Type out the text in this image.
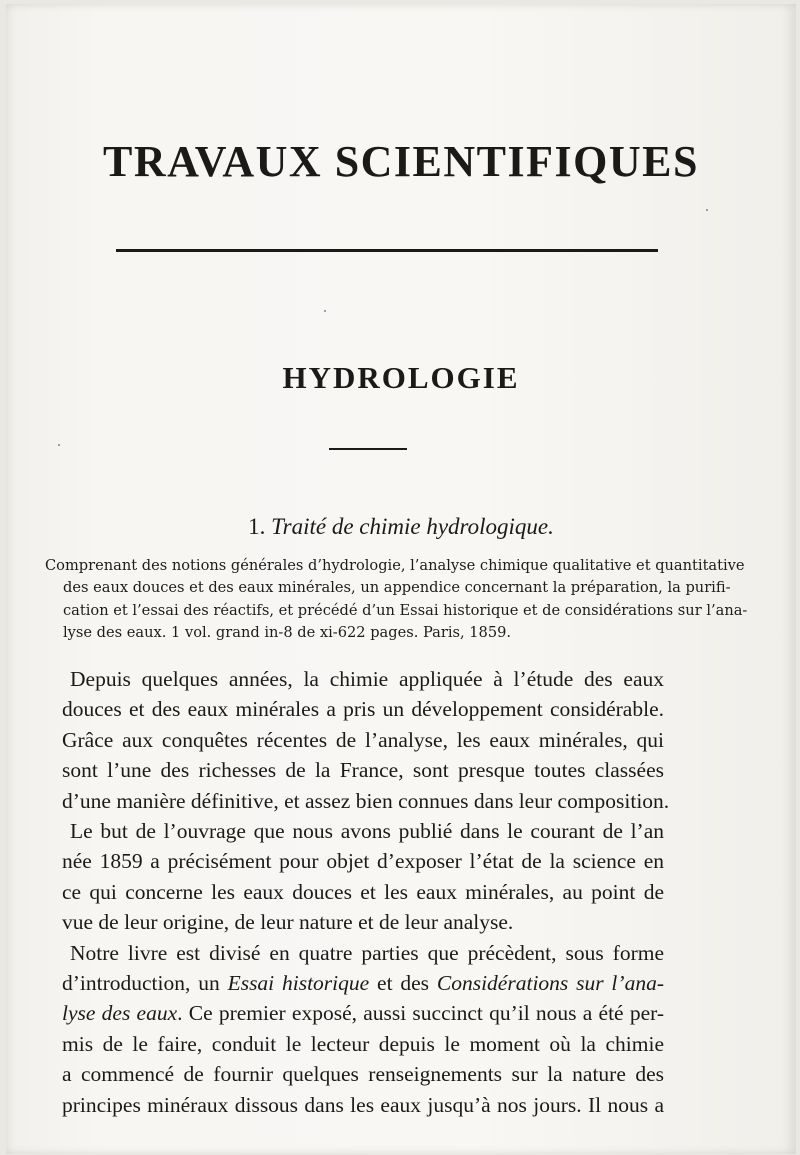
TRAVAUX SCIENTIFIQUES
HYDROLOGIE
1. Traité de chimie hydrologique.
Comprenant des notions générales d’hydrologie, l’analyse chimique qualitative et quantitative
des eaux douces et des eaux minérales, un appendice concernant la préparation, la purifi-
cation et l’essai des réactifs, et précédé d’un Essai historique et de considérations sur l’ana-
lyse des eaux. 1 vol. grand in-8 de xi-622 pages. Paris, 1859.
Depuis quelques années, la chimie appliquée à l’étude des eaux
douces et des eaux minérales a pris un développement considérable.
Grâce aux conquêtes récentes de l’analyse, les eaux minérales, qui
sont l’une des richesses de la France, sont presque toutes classées
d’une manière définitive, et assez bien connues dans leur composition.
Le but de l’ouvrage que nous avons publié dans le courant de l’an
née 1859 a précisément pour objet d’exposer l’état de la science en
ce qui concerne les eaux douces et les eaux minérales, au point de
vue de leur origine, de leur nature et de leur analyse.
Notre livre est divisé en quatre parties que précèdent, sous forme
d’introduction, un Essai historique et des Considérations sur l’ana-
lyse des eaux. Ce premier exposé, aussi succinct qu’il nous a été per-
mis de le faire, conduit le lecteur depuis le moment où la chimie
a commencé de fournir quelques renseignements sur la nature des
principes minéraux dissous dans les eaux jusqu’à nos jours. Il nous a
